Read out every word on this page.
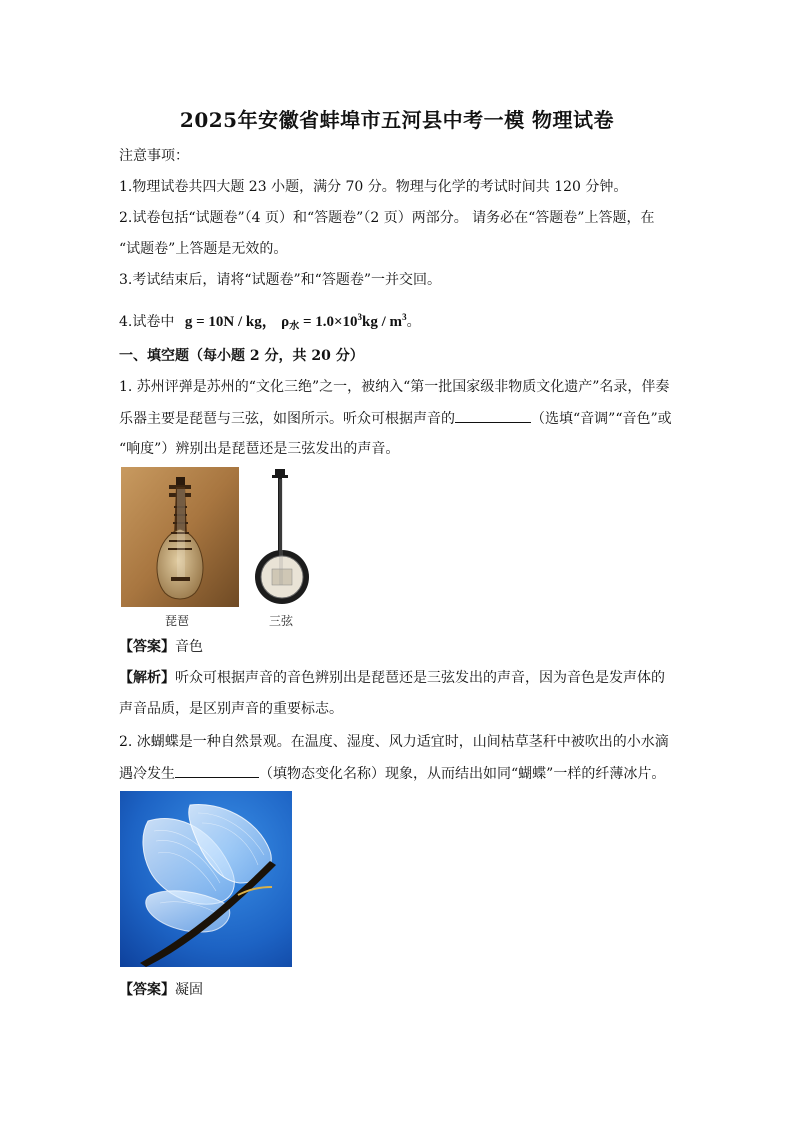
2025年安徽省蚌埠市五河县中考一模 物理试卷
注意事项：
1.物理试卷共四大题 23 小题，满分 70 分。物理与化学的考试时间共 120 分钟。
2.试卷包括“试题卷”（4 页）和“答题卷”（2 页）两部分。 请务必在“答题卷”上答题，在
“试题卷”上答题是无效的。
3.考试结束后，请将“试题卷”和“答题卷”一并交回。
4.试卷中 g = 10N / kg， $\rho_水 = 1.0\times 10^3kg / m^3$。
一、填空题（每小题 2 分，共 20 分）
1. 苏州评弹是苏州的“文化三绝”之一，被纳入“第一批国家级非物质文化遗产”名录，伴奏
乐器主要是琵琶与三弦，如图所示。听众可根据声音的	（选填“音调”“音色”或
“响度”）辨别出是琵琶还是三弦发出的声音。
琵琶	三弦
【答案】音色
【解析】听众可根据声音的音色辨别出是琵琶还是三弦发出的声音，因为音色是发声体的
声音品质，是区别声音的重要标志。
2. 冰蝴蝶是一种自然景观。在温度、湿度、风力适宜时，山间枯草茎秆中被吹出的小水滴
遇冷发生	（填物态变化名称）现象，从而结出如同“蝴蝶”一样的纤薄冰片。
【答案】凝固
